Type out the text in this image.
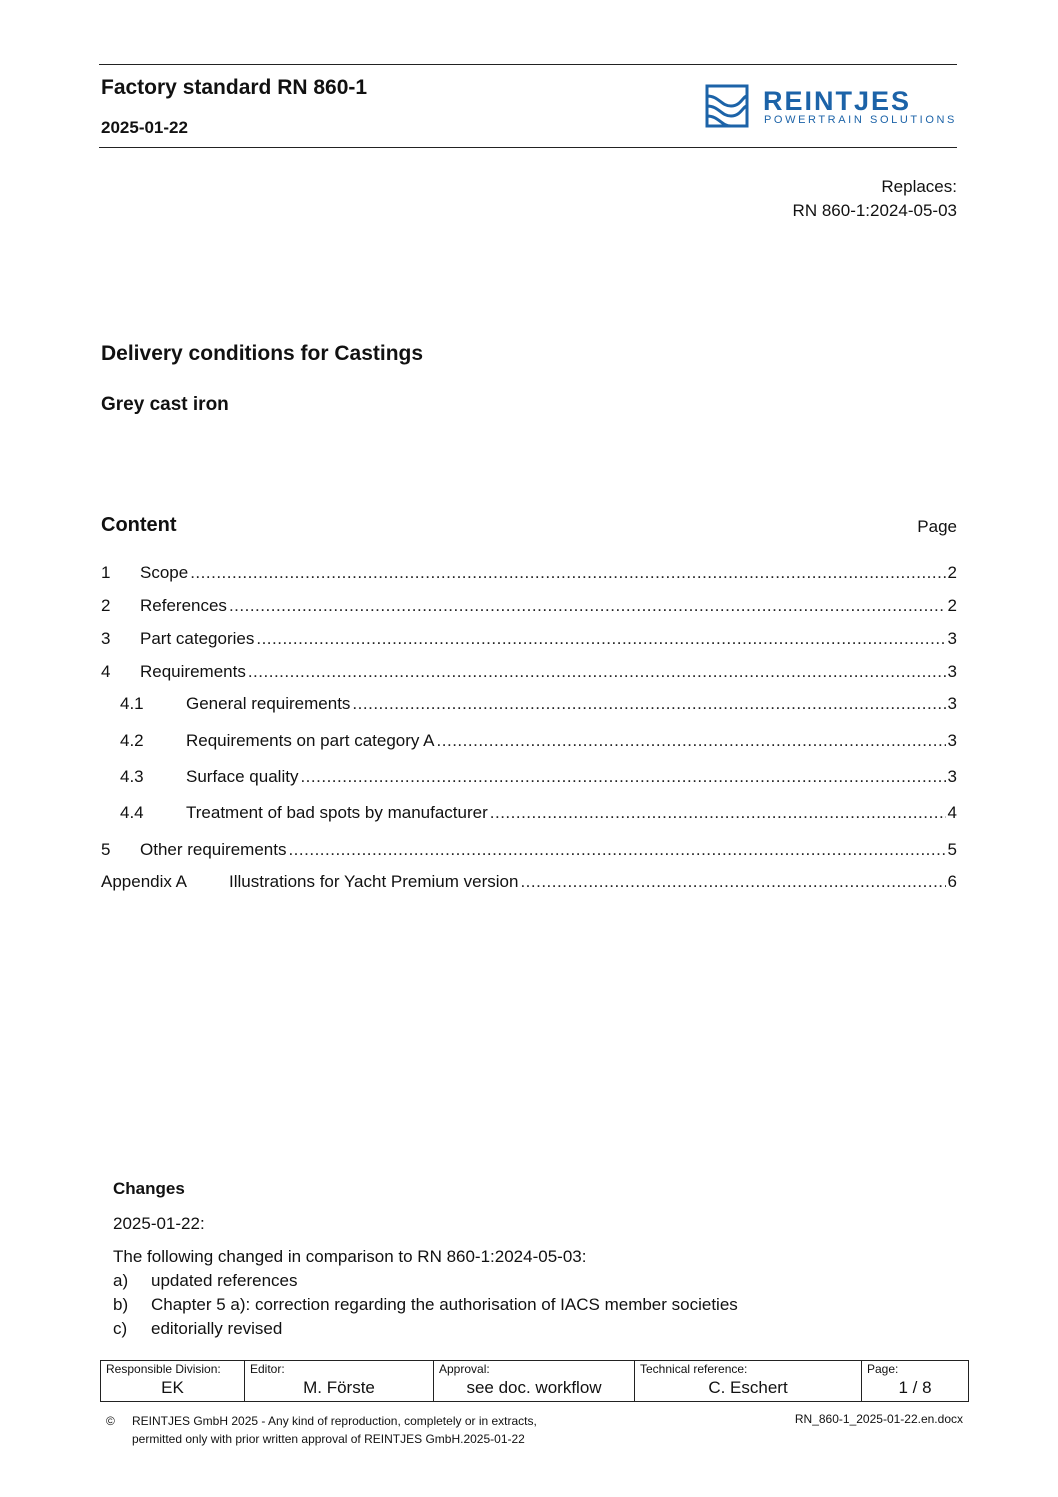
Factory standard RN 860-1
2025-01-22
REINTJES
POWERTRAIN SOLUTIONS
Replaces:
RN 860-1:2024-05-03
Delivery conditions for Castings
Grey cast iron
Content	Page
1	Scope .....	2
2	References .....	2
3	Part categories .....	3
4	Requirements .....	3
4.1	General requirements .....	3
4.2	Requirements on part category A .....	3
4.3	Surface quality .....	3
4.4	Treatment of bad spots by manufacturer .....	4
5	Other requirements .....	5
Appendix A	Illustrations for Yacht Premium version .....	6
Changes
2025-01-22:
The following changed in comparison to RN 860-1:2024-05-03:
a) updated references
b) Chapter 5 a): correction regarding the authorisation of IACS member societies
c) editorially revised
Responsible Division:
EK

Editor:
M. Förste

Approval:
see doc. workflow

Technical reference:
C. Eschert

Page:
1 / 8
©	REINTJES GmbH 2025 - Any kind of reproduction, completely or in extracts,
permitted only with prior written approval of REINTJES GmbH.2025-01-22
RN_860-1_2025-01-22.en.docx
